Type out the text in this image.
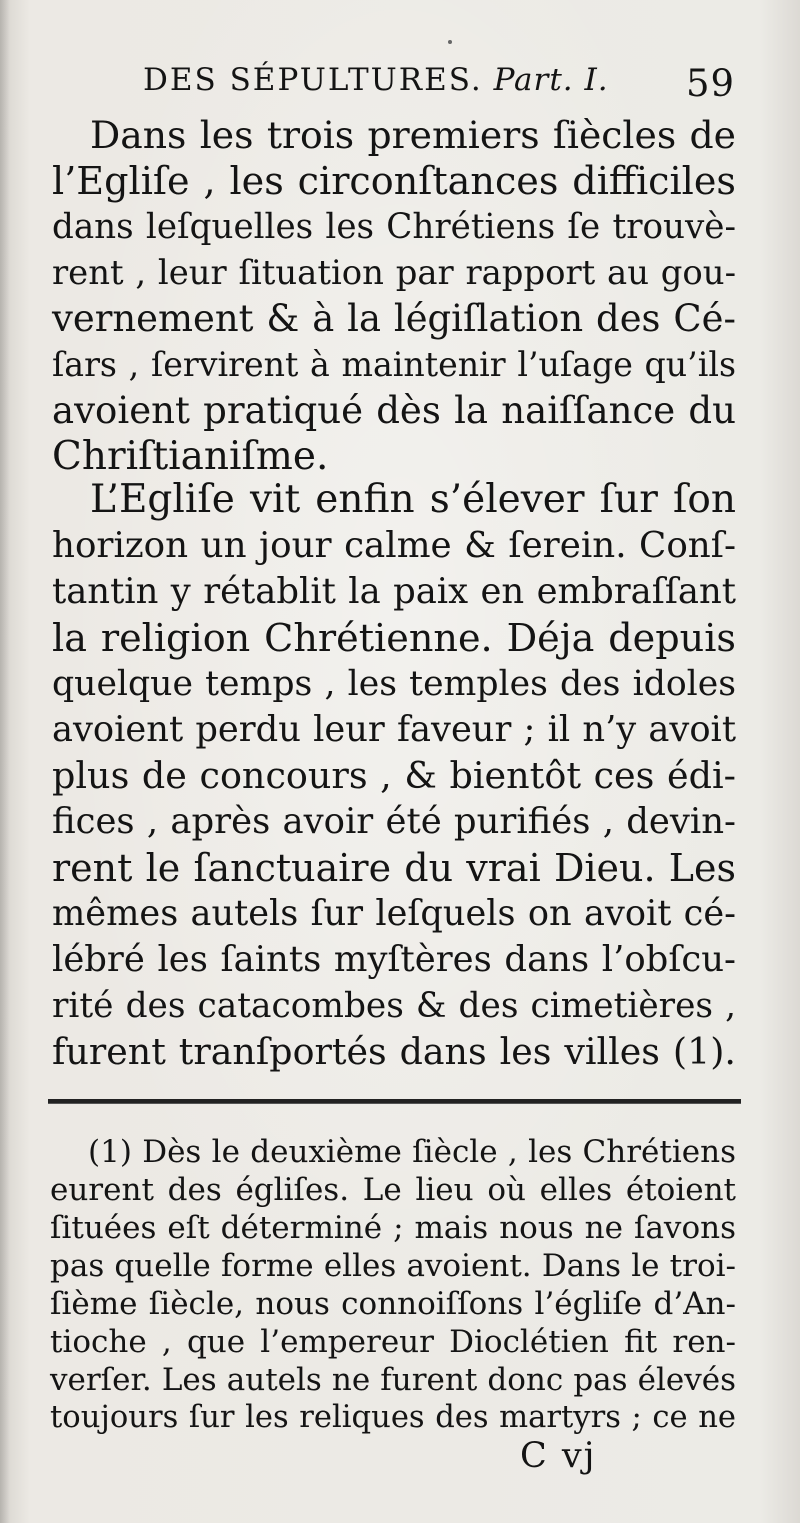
DES SÉPULTURES. Part. I. 59
Dans les trois premiers ſiècles de
l’Egliſe , les circonſtances difficiles
dans leſquelles les Chrétiens ſe trouvè-
rent , leur ſituation par rapport au gou-
vernement & à la légiſlation des Cé-
ſars , ſervirent à maintenir l’uſage qu’ils
avoient pratiqué dès la naiſſance du
Chriſtianiſme.
L’Egliſe vit enfin s’élever ſur ſon
horizon un jour calme & ſerein. Conſ-
tantin y rétablit la paix en embraſſant
la religion Chrétienne. Déja depuis
quelque temps , les temples des idoles
avoient perdu leur faveur ; il n’y avoit
plus de concours , & bientôt ces édi-
fices , après avoir été purifiés , devin-
rent le ſanctuaire du vrai Dieu. Les
mêmes autels ſur leſquels on avoit cé-
lébré les ſaints myſtères dans l’obſcu-
rité des catacombes & des cimetières ,
furent tranſportés dans les villes (1).
(1) Dès le deuxième ſiècle , les Chrétiens
eurent des égliſes. Le lieu où elles étoient
ſituées eſt déterminé ; mais nous ne ſavons
pas quelle forme elles avoient. Dans le troi-
ſième ſiècle, nous connoiſſons l’égliſe d’An-
tioche , que l’empereur Dioclétien fit ren-
verſer. Les autels ne furent donc pas élevés
toujours ſur les reliques des martyrs ; ce ne
C vj
